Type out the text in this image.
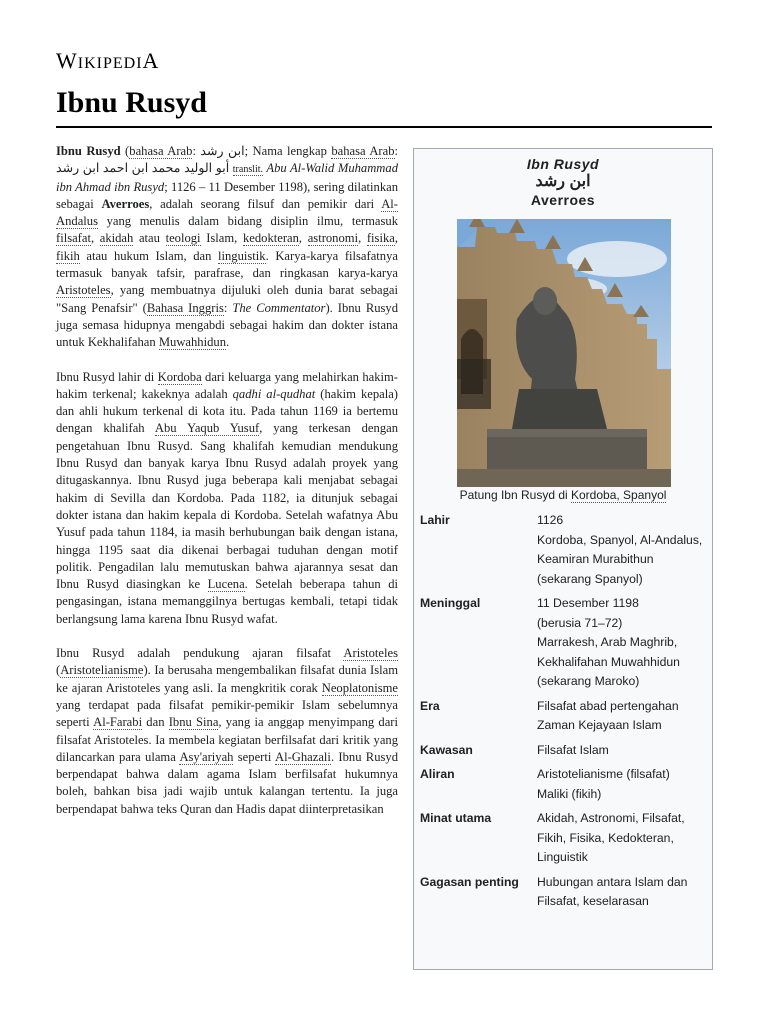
WIKIPEDIA
Ibnu Rusyd

Ibnu Rusyd (bahasa Arab: ابن رشد; Nama lengkap bahasa Arab: أبو الوليد محمد ابن احمد ابن رشد translit. Abu Al-Walid Muhammad ibn Ahmad ibn Rusyd; 1126 – 11 Desember 1198), sering dilatinkan sebagai Averroes, adalah seorang filsuf dan pemikir dari Al-Andalus yang menulis dalam bidang disiplin ilmu, termasuk filsafat, akidah atau teologi Islam, kedokteran, astronomi, fisika, fikih atau hukum Islam, dan linguistik. Karya-karya filsafatnya termasuk banyak tafsir, parafrase, dan ringkasan karya-karya Aristoteles, yang membuatnya dijuluki oleh dunia barat sebagai "Sang Penafsir" (Bahasa Inggris: The Commentator). Ibnu Rusyd juga semasa hidupnya mengabdi sebagai hakim dan dokter istana untuk Kekhalifahan Muwahhidun.

Ibnu Rusyd lahir di Kordoba dari keluarga yang melahirkan hakim-hakim terkenal; kakeknya adalah qadhi al-qudhat (hakim kepala) dan ahli hukum terkenal di kota itu. Pada tahun 1169 ia bertemu dengan khalifah Abu Yaqub Yusuf, yang terkesan dengan pengetahuan Ibnu Rusyd. Sang khalifah kemudian mendukung Ibnu Rusyd dan banyak karya Ibnu Rusyd adalah proyek yang ditugaskannya. Ibnu Rusyd juga beberapa kali menjabat sebagai hakim di Sevilla dan Kordoba. Pada 1182, ia ditunjuk sebagai dokter istana dan hakim kepala di Kordoba. Setelah wafatnya Abu Yusuf pada tahun 1184, ia masih berhubungan baik dengan istana, hingga 1195 saat dia dikenai berbagai tuduhan dengan motif politik. Pengadilan lalu memutuskan bahwa ajarannya sesat dan Ibnu Rusyd diasingkan ke Lucena. Setelah beberapa tahun di pengasingan, istana memanggilnya bertugas kembali, tetapi tidak berlangsung lama karena Ibnu Rusyd wafat.

Ibnu Rusyd adalah pendukung ajaran filsafat Aristoteles (Aristotelianisme). Ia berusaha mengembalikan filsafat dunia Islam ke ajaran Aristoteles yang asli. Ia mengkritik corak Neoplatonisme yang terdapat pada filsafat pemikir-pemikir Islam sebelumnya seperti Al-Farabi dan Ibnu Sina, yang ia anggap menyimpang dari filsafat Aristoteles. Ia membela kegiatan berfilsafat dari kritik yang dilancarkan para ulama Asy'ariyah seperti Al-Ghazali. Ibnu Rusyd berpendapat bahwa dalam agama Islam berfilsafat hukumnya boleh, bahkan bisa jadi wajib untuk kalangan tertentu. Ia juga berpendapat bahwa teks Quran dan Hadis dapat diinterpretasikan

Ibn Rusyd
ابن رشد
Averroes
Patung Ibn Rusyd di Kordoba, Spanyol
Lahir	1126
Kordoba, Spanyol, Al-Andalus, Keamiran Murabithun (sekarang Spanyol)
Meninggal	11 Desember 1198
(berusia 71–72)
Marrakesh, Arab Maghrib, Kekhalifahan Muwahhidun (sekarang Maroko)
Era	Filsafat abad pertengahan
Zaman Kejayaan Islam
Kawasan	Filsafat Islam
Aliran	Aristotelianisme (filsafat)
Maliki (fikih)
Minat utama	Akidah, Astronomi, Filsafat, Fikih, Fisika, Kedokteran, Linguistik
Gagasan penting	Hubungan antara Islam dan Filsafat, keselarasan
